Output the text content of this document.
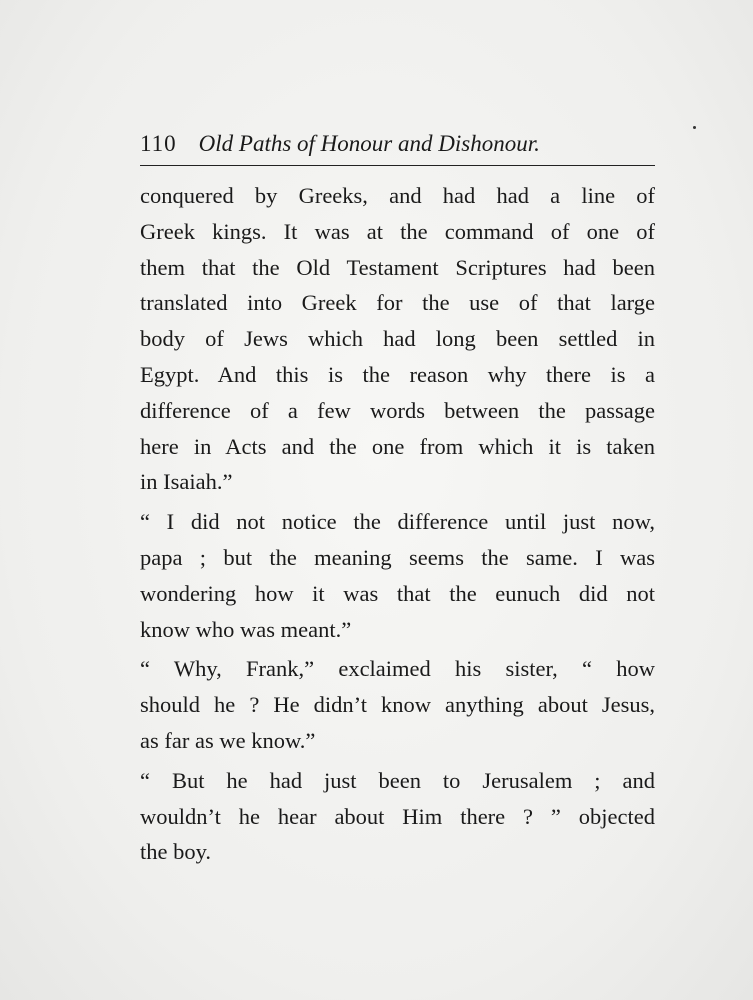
110 Old Paths of Honour and Dishonour.

conquered by Greeks, and had had a line of

Greek kings. It was at the command of one of

them that the Old Testament Scriptures had been

translated into Greek for the use of that large

body of Jews which had long been settled in

Egypt. And this is the reason why there is a

difference of a few words between the passage

here in Acts and the one from which it is taken

in Isaiah.”

“ I did not notice the difference until just now,

papa ; but the meaning seems the same. I was

wondering how it was that the eunuch did not

know who was meant.”

“ Why, Frank,” exclaimed his sister, “ how

should he ? He didn’t know anything about Jesus,

as far as we know.”

“ But he had just been to Jerusalem ; and

wouldn’t he hear about Him there ? ” objected

the boy.
